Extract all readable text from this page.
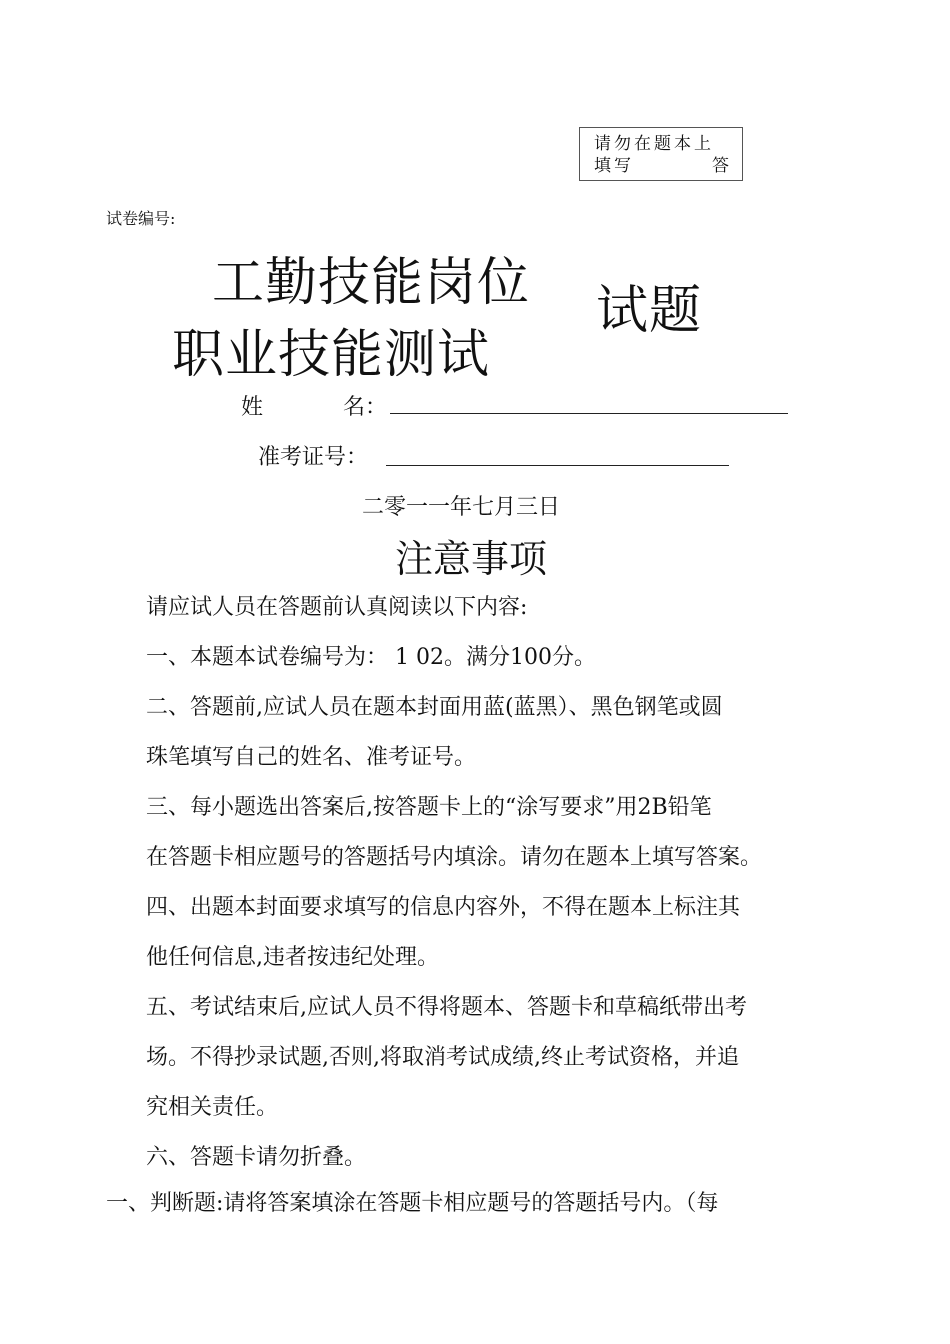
请勿在题本上
填写	答
试卷编号:
工勤技能岗位
职业技能测试
试题
姓	名：
准考证号：
二零一一年七月三日
注意事项
请应试人员在答题前认真阅读以下内容:
一、本题本试卷编号为： 1 02。满分100分。
二、答题前,应试人员在题本封面用蓝(蓝黑）、黑色钢笔或圆
珠笔填写自己的姓名、准考证号。
三、每小题选出答案后,按答题卡上的“涂写要求”用2B铅笔
在答题卡相应题号的答题括号内填涂。请勿在题本上填写答案。
四、出题本封面要求填写的信息内容外，不得在题本上标注其
他任何信息,违者按违纪处理。
五、考试结束后,应试人员不得将题本、答题卡和草稿纸带出考
场。不得抄录试题,否则,将取消考试成绩,终止考试资格，并追
究相关责任。
六、答题卡请勿折叠。
一、判断题:请将答案填涂在答题卡相应题号的答题括号内。（每
